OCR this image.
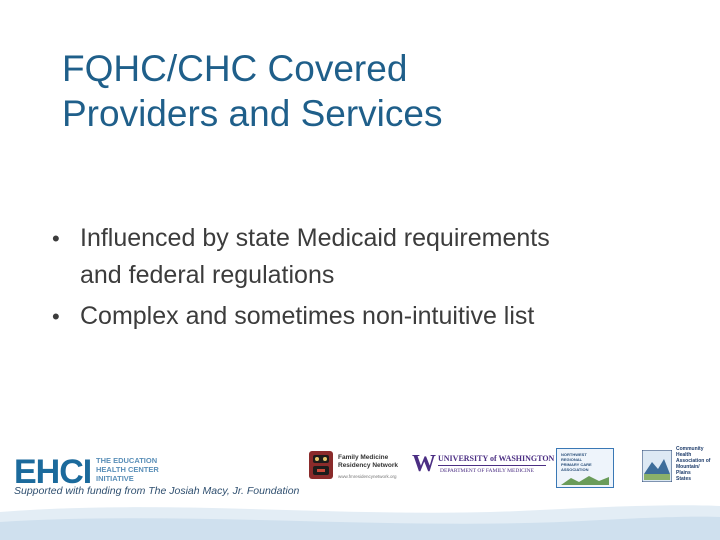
FQHC/CHC Covered
Providers and Services
• Influenced by state Medicaid requirements
and federal regulations
• Complex and sometimes non-intuitive list
EHCI THE EDUCATION
HEALTH CENTER
INITIATIVE
Supported with funding from The Josiah Macy, Jr. Foundation
Family Medicine
Residency Network
www.fmresidencynetwork.org W UNIVERSITY of WASHINGTON
DEPARTMENT OF FAMILY MEDICINE
NORTHWEST
REGIONAL
PRIMARY CARE
ASSOCIATION
Community
Health
Association of
Mountain/
Plains
States
